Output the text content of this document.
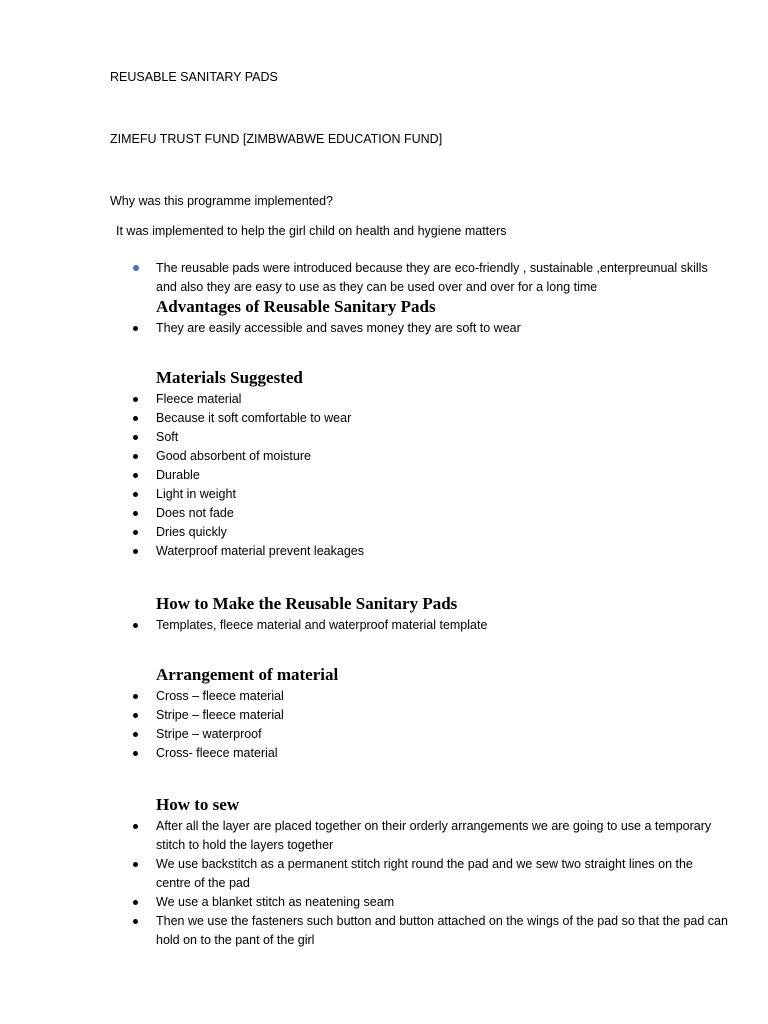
REUSABLE SANITARY PADS
ZIMEFU TRUST FUND [ZIMBWABWE EDUCATION FUND]
Why was this programme implemented?
It was implemented to help the girl child on health and hygiene matters
The reusable pads were introduced because they are eco-friendly , sustainable ,enterpreunual skills and also they are easy to use as they can be used over and over for a long time
Advantages of Reusable Sanitary Pads
They are easily accessible and saves money they are soft to wear
Materials Suggested
Fleece material
Because it soft comfortable to wear
Soft
Good absorbent of moisture
Durable
Light in weight
Does not fade
Dries quickly
Waterproof material prevent leakages
How to Make the Reusable Sanitary Pads
Templates, fleece material and waterproof material template
Arrangement of material
Cross – fleece material
Stripe – fleece material
Stripe – waterproof
Cross- fleece material
How to sew
After all the layer are placed together on their orderly arrangements we are going to use a temporary stitch to hold the layers together
We use backstitch as a permanent stitch right round the pad and we sew two straight lines on the centre of the pad
We use a blanket stitch as neatening seam
Then we use the fasteners such button and button attached on the wings of the pad so that the pad can hold on to the pant of the girl
